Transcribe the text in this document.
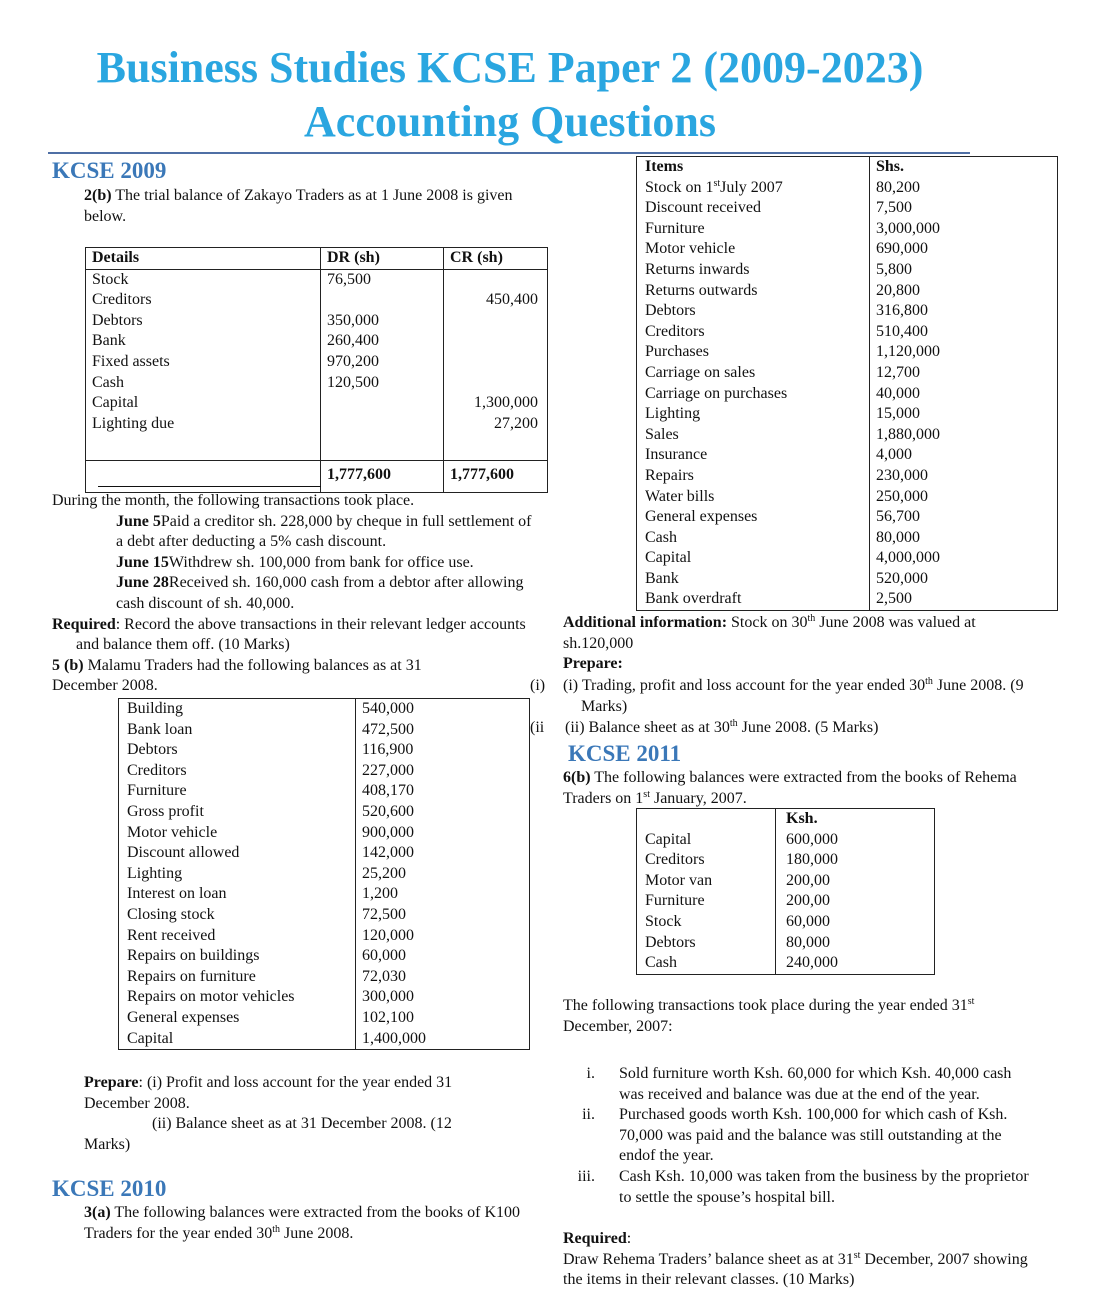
Business Studies KCSE Paper 2 (2009-2023)
Accounting Questions
KCSE 2009

2(b) The trial balance of Zakayo Traders as at 1 June 2008 is given below.

Details	DR (sh)	CR (sh)
Stock	76,500	
Creditors		450,400
Debtors	350,000	
Bank	260,400	
Fixed assets	970,200	
Cash	120,500	
Capital		1,300,000
Lighting due		27,200

	1,777,600	1,777,600

During the month, the following transactions took place.

June 5Paid a creditor sh. 228,000 by cheque in full settlement of a debt after deducting a 5% cash discount.

June 15Withdrew sh. 100,000 from bank for office use.

June 28Received sh. 160,000 cash from a debtor after allowing cash discount of sh. 40,000.

Required: Record the above transactions in their relevant ledger accounts and balance them off. (10 Marks)

5 (b) Malamu Traders had the following balances as at 31 December 2008.

Building	540,000
Bank loan	472,500
Debtors	116,900
Creditors	227,000
Furniture	408,170
Gross profit	520,600
Motor vehicle	900,000
Discount allowed	142,000
Lighting	25,200
Interest on loan	1,200
Closing stock	72,500
Rent received	120,000
Repairs on buildings	60,000
Repairs on furniture	72,030
Repairs on motor vehicles	300,000
General expenses	102,100
Capital	1,400,000

Prepare: (i) Profit and loss account for the year ended 31 December 2008.

(ii) Balance sheet as at 31 December 2008. (12

Marks)

KCSE 2010

3(a) The following balances were extracted from the books of K100 Traders for the year ended 30th June 2008.

Items	Shs.
Stock on 1stJuly 2007	80,200
Discount received	7,500
Furniture	3,000,000
Motor vehicle	690,000
Returns inwards	5,800
Returns outwards	20,800
Debtors	316,800
Creditors	510,400
Purchases	1,120,000
Carriage on sales	12,700
Carriage on purchases	40,000
Lighting	15,000
Sales	1,880,000
Insurance	4,000
Repairs	230,000
Water bills	250,000
General expenses	56,700
Cash	80,000
Capital	4,000,000
Bank	520,000
Bank overdraft	2,500

Additional information: Stock on 30th June 2008 was valued at sh.120,000

Prepare:

(i) (i) Trading, profit and loss account for the year ended 30th June 2008. (9 Marks)

(ii (ii) Balance sheet as at 30th June 2008. (5 Marks)

KCSE 2011

6(b) The following balances were extracted from the books of Rehema Traders on 1st January, 2007.

	Ksh.
Capital	600,000
Creditors	180,000
Motor van	200,00
Furniture	200,00
Stock	60,000
Debtors	80,000
Cash	240,000

The following transactions took place during the year ended 31st December, 2007:

i.	Sold furniture worth Ksh. 60,000 for which Ksh. 40,000 cash was received and balance was due at the end of the year.
ii.	Purchased goods worth Ksh. 100,000 for which cash of Ksh. 70,000 was paid and the balance was still outstanding at the endof the year.
iii.	Cash Ksh. 10,000 was taken from the business by the proprietor to settle the spouse’s hospital bill.

Required:

Draw Rehema Traders’ balance sheet as at 31st December, 2007 showing the items in their relevant classes. (10 Marks)
